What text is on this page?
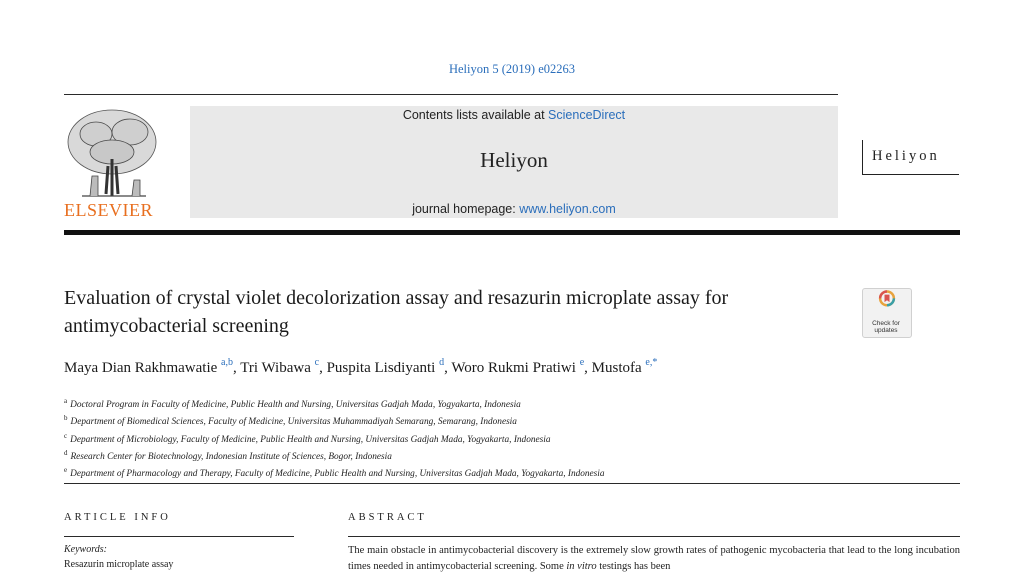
Heliyon 5 (2019) e02263
ELSEVIER
Contents lists available at ScienceDirect
Heliyon
journal homepage: www.heliyon.com
Heliyon
Evaluation of crystal violet decolorization assay and resazurin microplate assay for antimycobacterial screening	Check for
updates
Maya Dian Rakhmawatie $^{a,b}$, Tri Wibawa $^c$, Puspita Lisdiyanti $^d$, Woro Rukmi Pratiwi $^e$, Mustofa $^{e,*}$
$^a$ Doctoral Program in Faculty of Medicine, Public Health and Nursing, Universitas Gadjah Mada, Yogyakarta, Indonesia
$^b$ Department of Biomedical Sciences, Faculty of Medicine, Universitas Muhammadiyah Semarang, Semarang, Indonesia
$^c$ Department of Microbiology, Faculty of Medicine, Public Health and Nursing, Universitas Gadjah Mada, Yogyakarta, Indonesia
$^d$ Research Center for Biotechnology, Indonesian Institute of Sciences, Bogor, Indonesia
$^e$ Department of Pharmacology and Therapy, Faculty of Medicine, Public Health and Nursing, Universitas Gadjah Mada, Yogyakarta, Indonesia
ARTICLE INFO	ABSTRACT
Keywords:
Resazurin microplate assay
The main obstacle in antimycobacterial discovery is the extremely slow growth rates of pathogenic mycobacteria that lead to the long incubation times needed in antimycobacterial screening. Some in vitro testings has been
